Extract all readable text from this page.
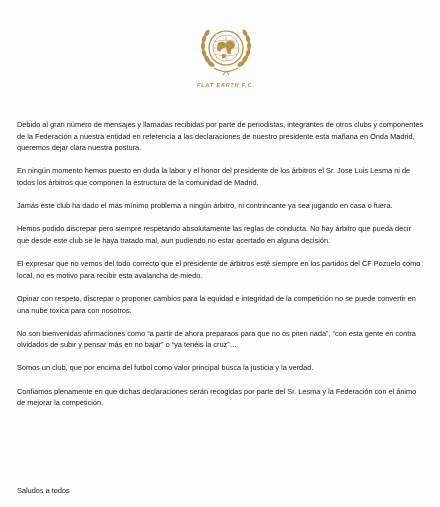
FLAT EARTH F.C.

Debido al gran número de mensajes y llamadas recibidas por parte de periodistas, integrantes de otros clubs y componentes de la Federación a nuestra entidad en referencia a las declaraciones de nuestro presidente esta mañana en Onda Madrid, queremos dejar clara nuestra postura.

En ningún momento hemos puesto en duda la labor y el honor del presidente de los árbitros el Sr. Jose Luis Lesma ni de todos los árbitros que componen la estructura de la comunidad de Madrid.

Jamás este club ha dado el más mínimo problema a ningún árbitro, ni contrincante ya sea jugando en casa o fuera.

Hemos podido discrepar pero siempre respetando absolutamente las reglas de conducta. No hay árbitro que pueda decir que desde este club se le haya tratado mal, aun pudiendo no estar acertado en alguna decisión.

El expresar que no vemos del todo correcto que el presidente de árbitros esté siempre en los partidos del CF Pozuelo como local, no es motivo para recibir esta avalancha de miedo.

Opinar con respeto, discrepar o proponer cambios para la equidad e integridad de la competición no se puede convertir en una nube tóxica para con nosotros.

No son bienvenidas afirmaciones como “a partir de ahora preparaos para que no os piten nada”, “con esta gente en contra olvidados de subir y pensar más en no bajar” o “ya tenéis la cruz”…

Somos un club, que por encima del futbol como valor principal busca la justicia y la verdad.

Confiamos plenamente en que dichas declaraciones serán recogidas por parte del Sr. Lesma y la Federación con el ánimo de mejorar la competición.

Saludos a todos
